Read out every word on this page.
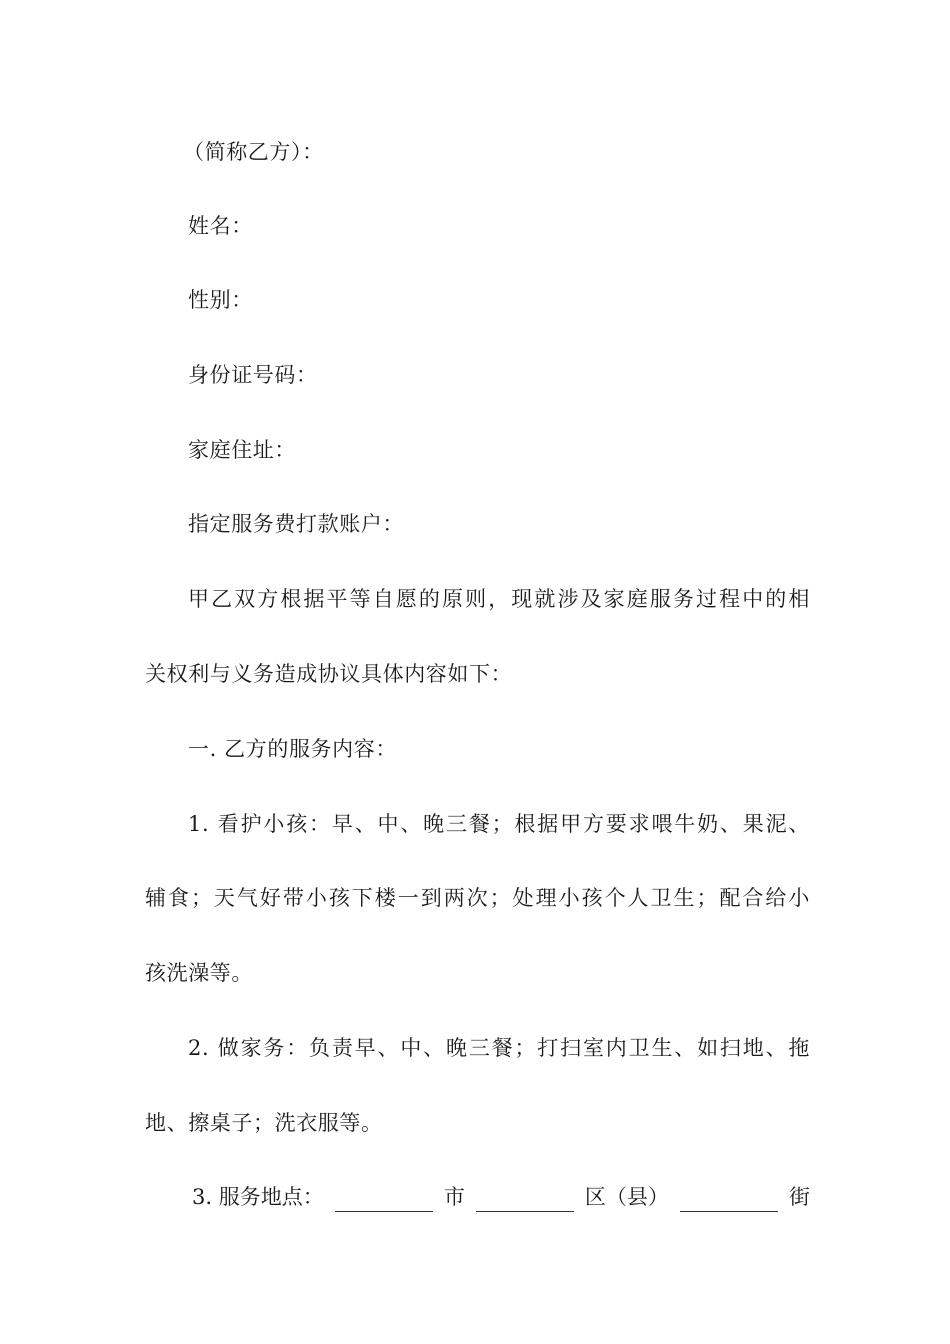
（简称乙方）：
姓名：
性别：
身份证号码：
家庭住址：
指定服务费打款账户：
甲乙双方根据平等自愿的原则，现就涉及家庭服务过程中的相
关权利与义务造成协议具体内容如下：
一. 乙方的服务内容：
1. 看护小孩：早、中、晚三餐；根据甲方要求喂牛奶、果泥、
辅食；天气好带小孩下楼一到两次；处理小孩个人卫生；配合给小
孩洗澡等。
2. 做家务：负责早、中、晚三餐；打扫室内卫生、如扫地、拖
地、擦桌子；洗衣服等。
3. 服务地点：	市	区（县）	街
